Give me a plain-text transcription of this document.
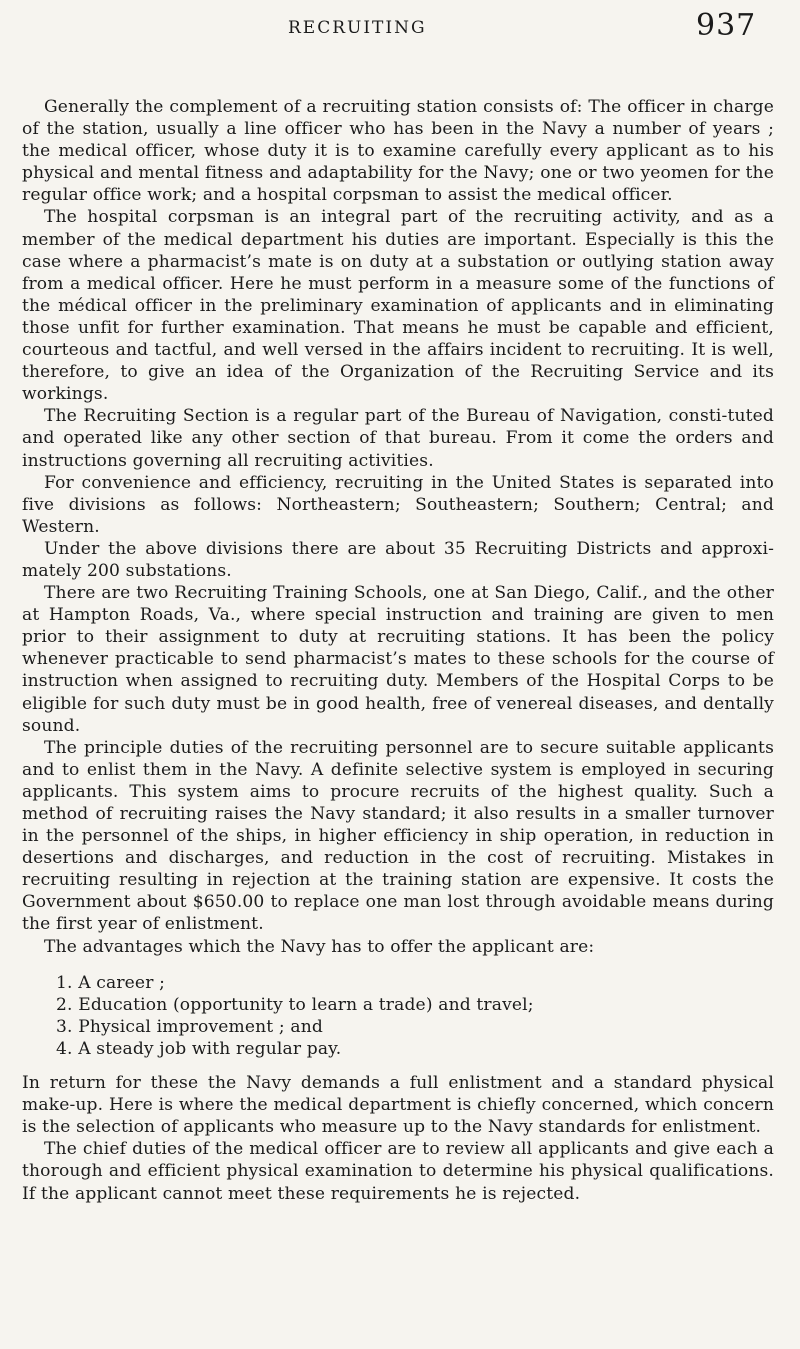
RECRUITING	937

Generally the complement of a recruiting station consists of: The officer in charge of the station, usually a line officer who has been in the Navy a number of years ; the medical officer, whose duty it is to examine carefully every applicant as to his physical and mental fitness and adaptability for the Navy; one or two yeomen for the regular office work; and a hospital corpsman to assist the medical officer.

The hospital corpsman is an integral part of the recruiting activity, and as a member of the medical department his duties are important. Especially is this the case where a pharmacist’s mate is on duty at a substation or outlying station away from a medical officer. Here he must perform in a measure some of the functions of the médical officer in the preliminary examination of applicants and in eliminating those unfit for further examination. That means he must be capable and efficient, courteous and tactful, and well versed in the affairs incident to recruiting. It is well, therefore, to give an idea of the Organization of the Recruiting Service and its workings.

The Recruiting Section is a regular part of the Bureau of Navigation, consti-tuted and operated like any other section of that bureau. From it come the orders and instructions governing all recruiting activities.

For convenience and efficiency, recruiting in the United States is separated into five divisions as follows: Northeastern; Southeastern; Southern; Central; and Western.

Under the above divisions there are about 35 Recruiting Districts and approxi-mately 200 substations.

There are two Recruiting Training Schools, one at San Diego, Calif., and the other at Hampton Roads, Va., where special instruction and training are given to men prior to their assignment to duty at recruiting stations. It has been the policy whenever practicable to send pharmacist’s mates to these schools for the course of instruction when assigned to recruiting duty. Members of the Hospital Corps to be eligible for such duty must be in good health, free of venereal diseases, and dentally sound.

The principle duties of the recruiting personnel are to secure suitable applicants and to enlist them in the Navy. A definite selective system is employed in securing applicants. This system aims to procure recruits of the highest quality. Such a method of recruiting raises the Navy standard; it also results in a smaller turnover in the personnel of the ships, in higher efficiency in ship operation, in reduction in desertions and discharges, and reduction in the cost of recruiting. Mistakes in recruiting resulting in rejection at the training station are expensive. It costs the Government about $650.00 to replace one man lost through avoidable means during the first year of enlistment.

The advantages which the Navy has to offer the applicant are:

1. A career ;
2. Education (opportunity to learn a trade) and travel;
3. Physical improvement ; and
4. A steady job with regular pay.

In return for these the Navy demands a full enlistment and a standard physical make-up. Here is where the medical department is chiefly concerned, which concern is the selection of applicants who measure up to the Navy standards for enlistment.

The chief duties of the medical officer are to review all applicants and give each a thorough and efficient physical examination to determine his physical qualifications. If the applicant cannot meet these requirements he is rejected.
